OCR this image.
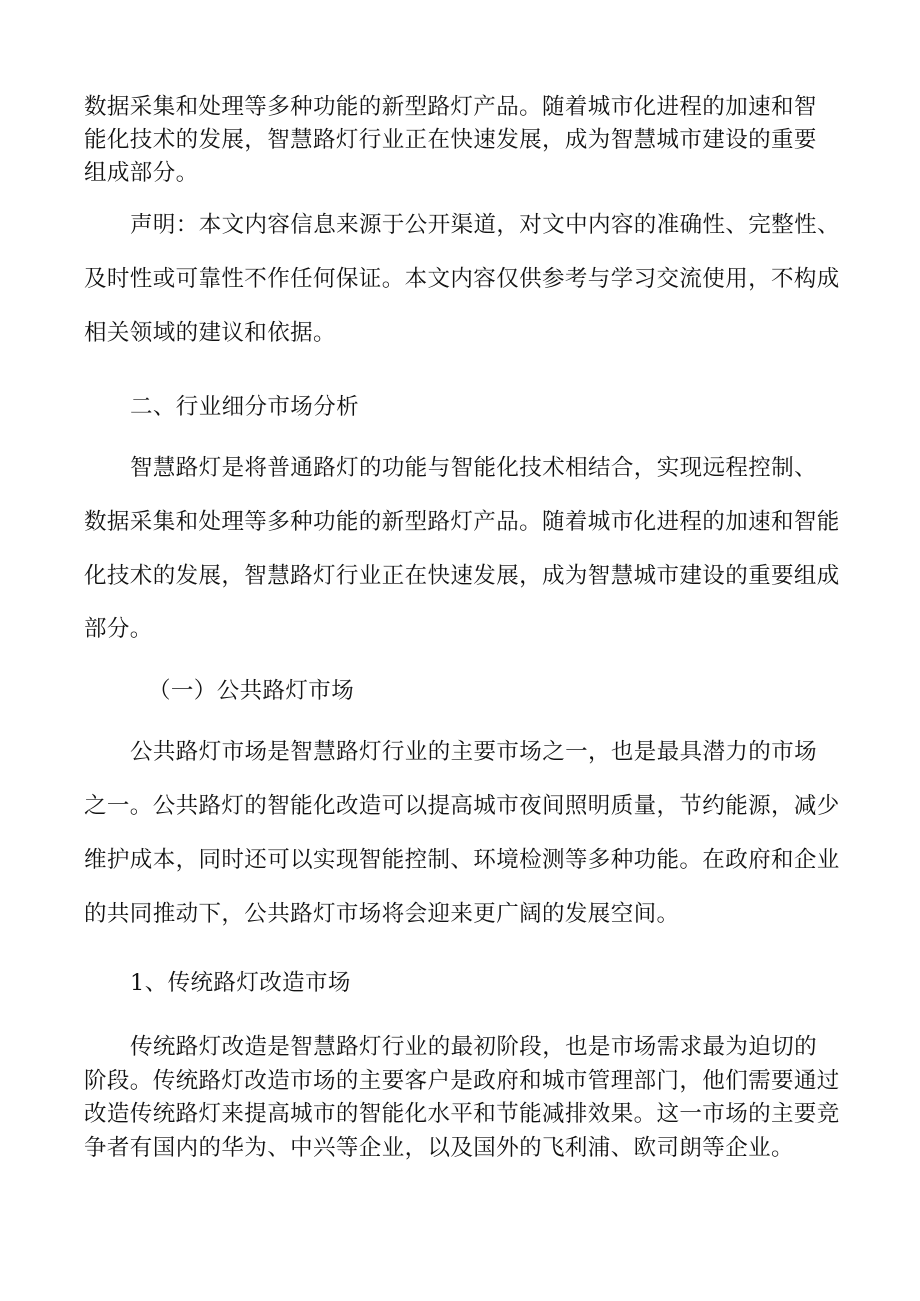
数据采集和处理等多种功能的新型路灯产品。随着城市化进程的加速和智
能化技术的发展，智慧路灯行业正在快速发展，成为智慧城市建设的重要
组成部分。
声明：本文内容信息来源于公开渠道，对文中内容的准确性、完整性、
及时性或可靠性不作任何保证。本文内容仅供参考与学习交流使用，不构成
相关领域的建议和依据。
二、行业细分市场分析
智慧路灯是将普通路灯的功能与智能化技术相结合，实现远程控制、
数据采集和处理等多种功能的新型路灯产品。随着城市化进程的加速和智能
化技术的发展，智慧路灯行业正在快速发展，成为智慧城市建设的重要组成
部分。
（一）公共路灯市场
公共路灯市场是智慧路灯行业的主要市场之一，也是最具潜力的市场
之一。公共路灯的智能化改造可以提高城市夜间照明质量，节约能源，减少
维护成本，同时还可以实现智能控制、环境检测等多种功能。在政府和企业
的共同推动下，公共路灯市场将会迎来更广阔的发展空间。
1、传统路灯改造市场
传统路灯改造是智慧路灯行业的最初阶段，也是市场需求最为迫切的
阶段。传统路灯改造市场的主要客户是政府和城市管理部门，他们需要通过
改造传统路灯来提高城市的智能化水平和节能减排效果。这一市场的主要竞
争者有国内的华为、中兴等企业，以及国外的飞利浦、欧司朗等企业。
